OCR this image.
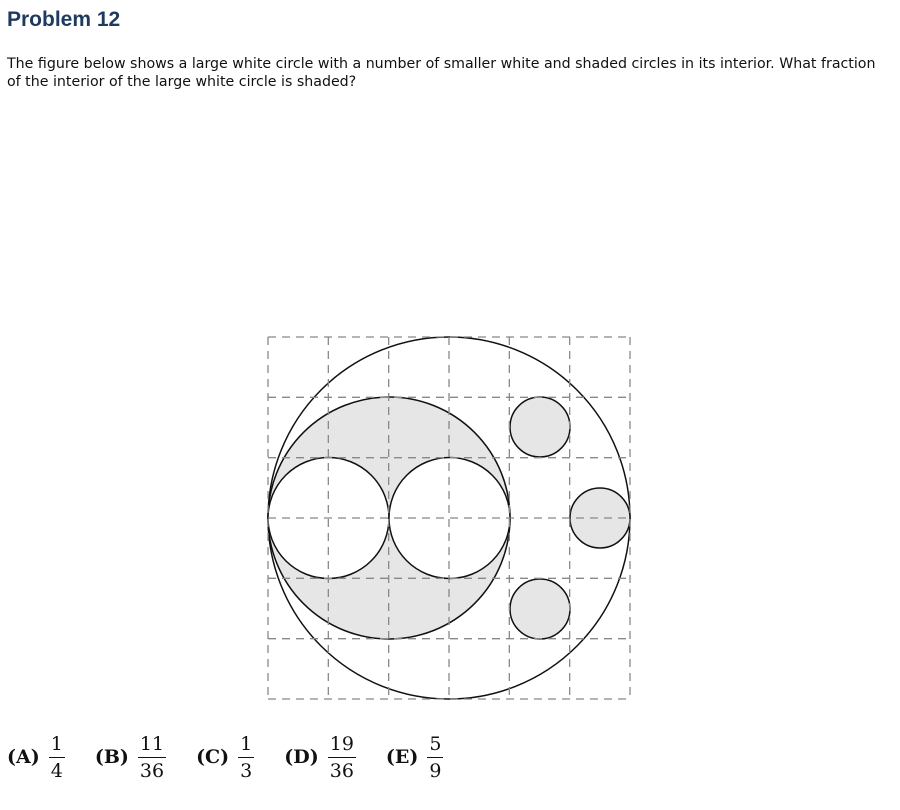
Problem 12
The figure below shows a large white circle with a number of smaller white and shaded circles in its interior. What fraction of the interior of the large white circle is shaded?
$(A) \frac{1}{4} (B) \frac{11}{36} (C) \frac{1}{3} (D) \frac{19}{36} (E) \frac{5}{9}$
